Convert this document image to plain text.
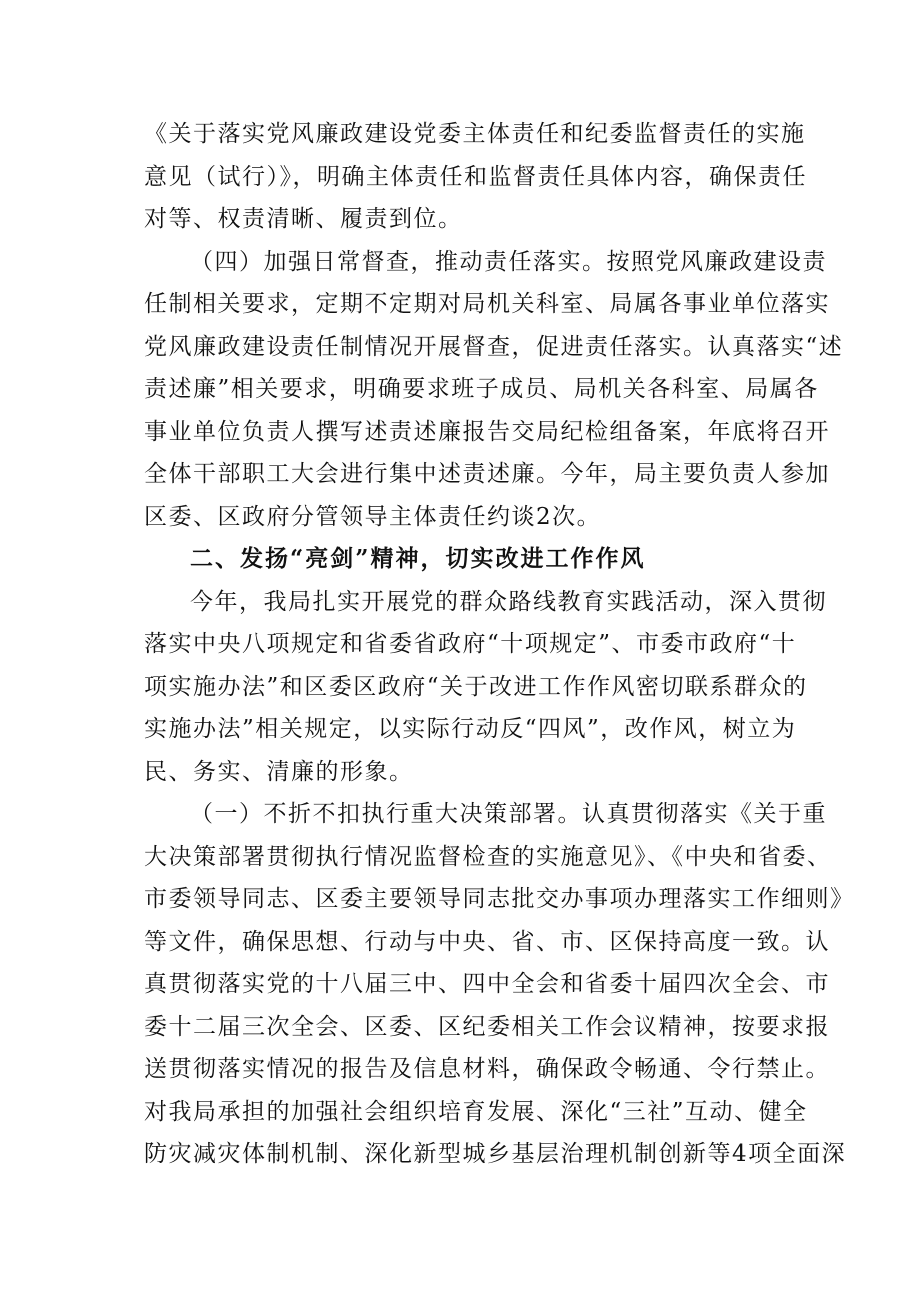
《关于落实党风廉政建设党委主体责任和纪委监督责任的实施
意见（试行）》，明确主体责任和监督责任具体内容，确保责任
对等、权责清晰、履责到位。
（四）加强日常督查，推动责任落实。按照党风廉政建设责
任制相关要求，定期不定期对局机关科室、局属各事业单位落实
党风廉政建设责任制情况开展督查，促进责任落实。认真落实“述
责述廉”相关要求，明确要求班子成员、局机关各科室、局属各
事业单位负责人撰写述责述廉报告交局纪检组备案，年底将召开
全体干部职工大会进行集中述责述廉。今年，局主要负责人参加
区委、区政府分管领导主体责任约谈2次。
二、发扬“亮剑”精神，切实改进工作作风
今年，我局扎实开展党的群众路线教育实践活动，深入贯彻
落实中央八项规定和省委省政府“十项规定”、市委市政府“十
项实施办法”和区委区政府“关于改进工作作风密切联系群众的
实施办法”相关规定，以实际行动反“四风”，改作风，树立为
民、务实、清廉的形象。
（一）不折不扣执行重大决策部署。认真贯彻落实《关于重
大决策部署贯彻执行情况监督检查的实施意见》、《中央和省委、
市委领导同志、区委主要领导同志批交办事项办理落实工作细则》
等文件，确保思想、行动与中央、省、市、区保持高度一致。认
真贯彻落实党的十八届三中、四中全会和省委十届四次全会、市
委十二届三次全会、区委、区纪委相关工作会议精神，按要求报
送贯彻落实情况的报告及信息材料，确保政令畅通、令行禁止。
对我局承担的加强社会组织培育发展、深化“三社”互动、健全
防灾减灾体制机制、深化新型城乡基层治理机制创新等4项全面深
